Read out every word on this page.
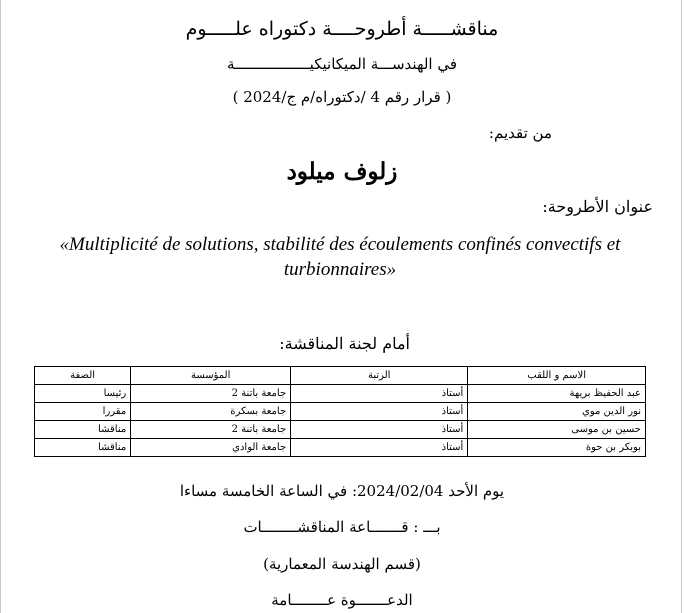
مناقشـــــة أطروحــــة دكتوراه علـــــوم
في الهندســـة الميكانيكيـــــــــــــــــة
( قرار رقم 4 /دكتوراه/م ج/2024 )
من تقديم:
زلوف ميلود
عنوان الأطروحة:
«Multiplicité de solutions, stabilité des écoulements confinés convectifs et turbionnaires»
أمام لجنة المناقشة:
الاسم و اللقب	الرتبة	المؤسسة	الصفة
عبد الحفيظ بريهة	أستاذ	جامعة باتنة 2	رئيسا
نور الدين موي	أستاذ	جامعة بسكرة	مقررا
حسين بن موسى	أستاذ	جامعة باتنة 2	مناقشا
بوبكر بن حوة	أستاذ	جامعة الوادي	مناقشا
يوم الأحد 2024/02/04: في الساعة الخامسة مساءا
بـــ : قـــــــاعة المناقشــــــــات
(قسم الهندسة المعمارية)
الدعـــــــوة عــــــــامة
